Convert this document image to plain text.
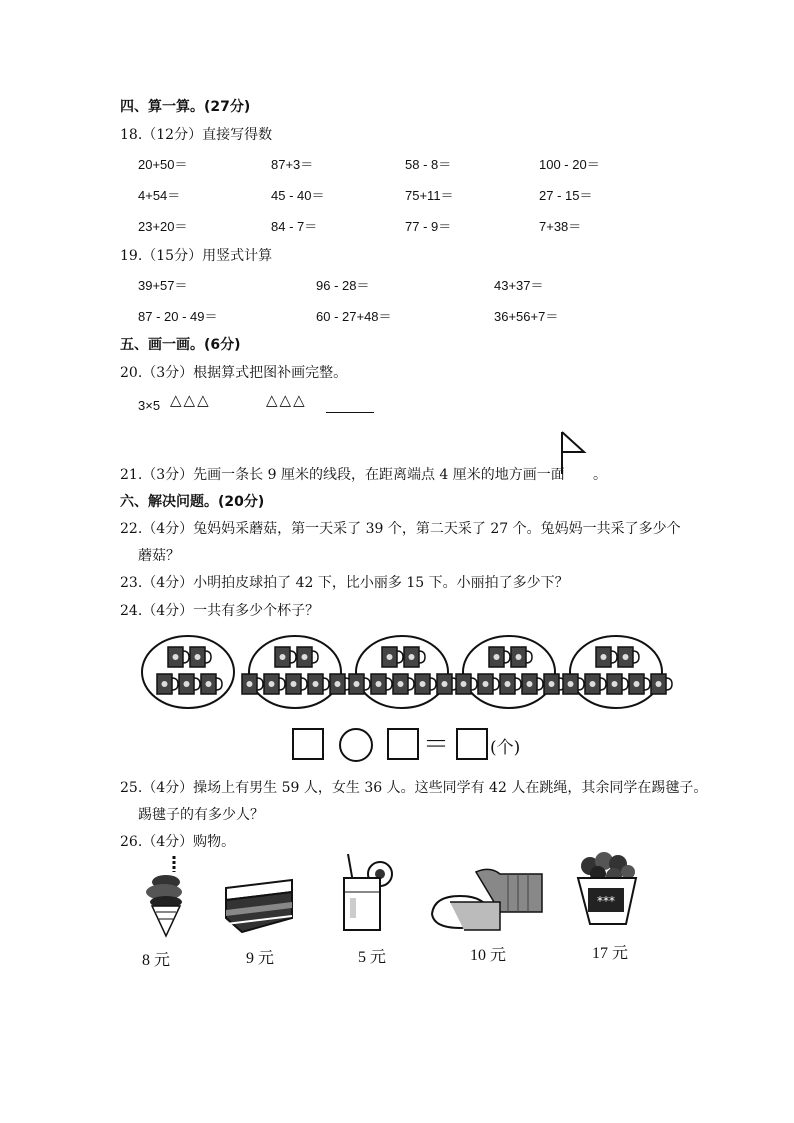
四、算一算。(27分)
18.（12分）直接写得数
20+50＝	87+3＝	58 - 8＝	100 - 20＝
4+54＝	45 - 40＝	75+11＝	27 - 15＝
23+20＝	84 - 7＝	77 - 9＝	7+38＝
19.（15分）用竖式计算
39+57＝	96 - 28＝	43+37＝
87 - 20 - 49＝	60 - 27+48＝	36+56+7＝
五、画一画。(6分)
20.（3分）根据算式把图补画完整。
3×5 △△△	△△△
21.（3分）先画一条长 9 厘米的线段，在距离端点 4 厘米的地方画一面 。
六、解决问题。(20分)
22.（4分）兔妈妈采蘑菇，第一天采了 39 个，第二天采了 27 个。兔妈妈一共采了多少个
蘑菇？
23.（4分）小明拍皮球拍了 42 下，比小丽多 15 下。小丽拍了多少下？
24.（4分）一共有多少个杯子？
＝ (个)
25.（4分）操场上有男生 59 人，女生 36 人。这些同学有 42 人在跳绳，其余同学在踢毽子。
踢毽子的有多少人？
26.（4分）购物。
***
8 元	9 元	5 元	10 元	17 元
